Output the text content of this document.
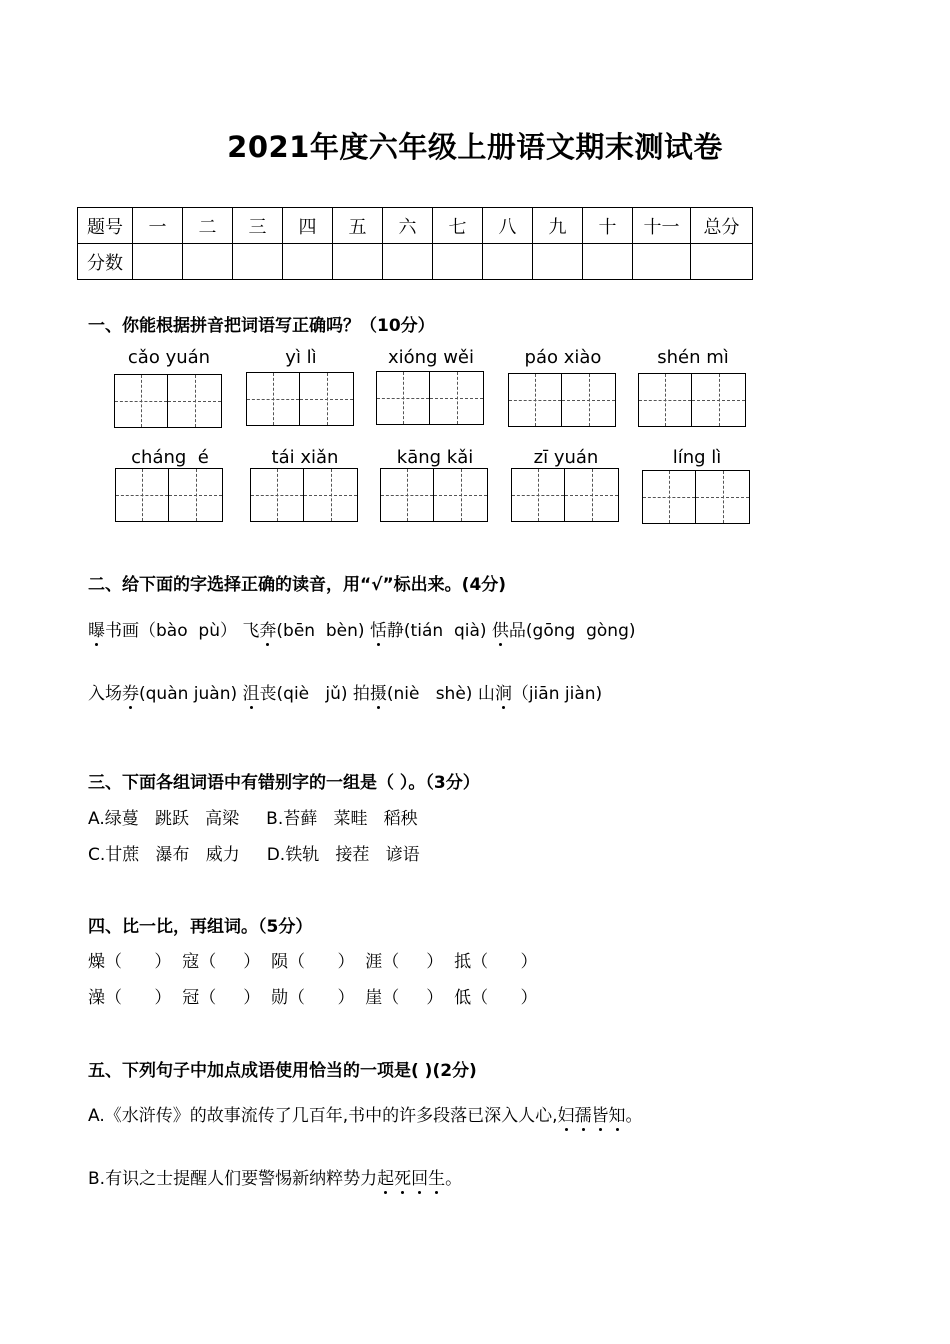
2021年度六年级上册语文期末测试卷
题号	一	二	三	四	五	六	七	八	九	十	十一	总分
分数												
一、你能根据拼音把词语写正确吗？（10分）
cǎo yuán	yì lì	xióng wěi	páo xiào	shén mì
cháng  é	tái xiǎn	kāng kǎi	zī yuán	líng lì
二、给下面的字选择正确的读音，用“√”标出来。(4分)
曝书画（bào  pù） 飞奔(bēn  bèn) 恬静(tián  qià) 供品(gōng  gòng)
入场券(quàn juàn) 沮丧(qiè   jǔ) 拍摄(niè   shè) 山涧（jiān jiàn)
三、下面各组词语中有错别字的一组是（ ）。（3分）
A.绿蔓   跳跃   高梁     B.苔藓   菜畦   稻秧
C.甘蔗   瀑布   威力     D.铁轨   接茬   谚语
四、比一比，再组词。（5分）
燥（      ）  寇（     ）  陨（      ）  涯（     ）  抵（      ）
澡（      ）  冠（     ）  勋（      ）  崖（     ）  低（      ）
五、下列句子中加点成语使用恰当的一项是( )(2分)
A.《水浒传》的故事流传了几百年,书中的许多段落已深入人心,妇孺皆知。
B.有识之士提醒人们要警惕新纳粹势力起死回生。
